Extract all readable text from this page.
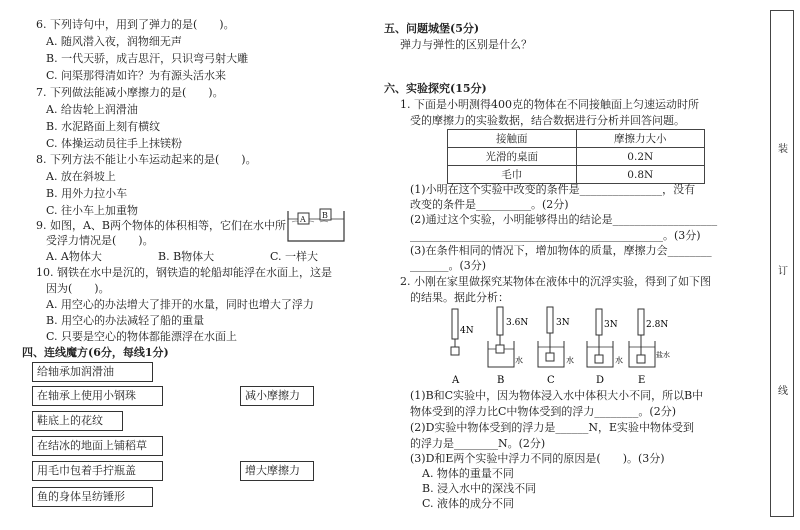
6. 下列诗句中，用到了弹力的是(　　)。
A. 随风潜入夜，润物细无声
B. 一代天骄，成吉思汗，只识弯弓射大雕
C. 问渠那得清如许？为有源头活水来
7. 下列做法能减小摩擦力的是(　　)。
A. 给齿轮上润滑油
B. 水泥路面上刻有横纹
C. 体操运动员往手上抹镁粉
8. 下列方法不能让小车运动起来的是(　　)。
A. 放在斜坡上
B. 用外力拉小车
C. 往小车上加重物
9. 如图，A、B两个物体的体积相等，它们在水中所
受浮力情况是(　　)。
A. A物体大	B. B物体大	C. 一样大
A B
10. 钢铁在水中是沉的，钢铁造的轮船却能浮在水面上，这是
因为(　　)。
A. 用空心的办法增大了排开的水量，同时也增大了浮力
B. 用空心的办法减轻了船的重量
C. 只要是空心的物体都能漂浮在水面上
四、连线魔方(6分，每线1分)
给轴承加润滑油
在轴承上使用小钢珠
鞋底上的花纹
在结冰的地面上铺稻草
用毛巾包着手拧瓶盖
鱼的身体呈纺锤形
减小摩擦力
增大摩擦力
五、问题城堡(5分)
弹力与弹性的区别是什么？
六、实验探究(15分)
1. 下面是小明测得400克的物体在不同接触面上匀速运动时所
受的摩擦力的实验数据，结合数据进行分析并回答问题。
接触面	摩擦力大小
光滑的桌面	0.2N
毛巾	0.8N
(1)小明在这个实验中改变的条件是_______________，没有
改变的条件是__________。(2分)
(2)通过这个实验，小明能够得出的结论是___________________
______________________________________________。(3分)
(3)在条件相同的情况下，增加物体的质量，摩擦力会________
_______。(3分)
2. 小刚在家里做探究某物体在液体中的沉浮实验，得到了如下图
的结果。据此分析：
4N
3.6N
水
3N
水
3N
水
2.8N
盐水
A	B	C	D	E
(1)B和C实验中，因为物体浸入水中体积大小不同，所以B中
物体受到的浮力比C中物体受到的浮力________。(2分)
(2)D实验中物体受到的浮力是______N，E实验中物体受到
的浮力是________N。(2分)
(3)D和E两个实验中浮力不同的原因是(　　)。(3分)
A. 物体的重量不同
B. 浸入水中的深浅不同
C. 液体的成分不同
装
订
线
